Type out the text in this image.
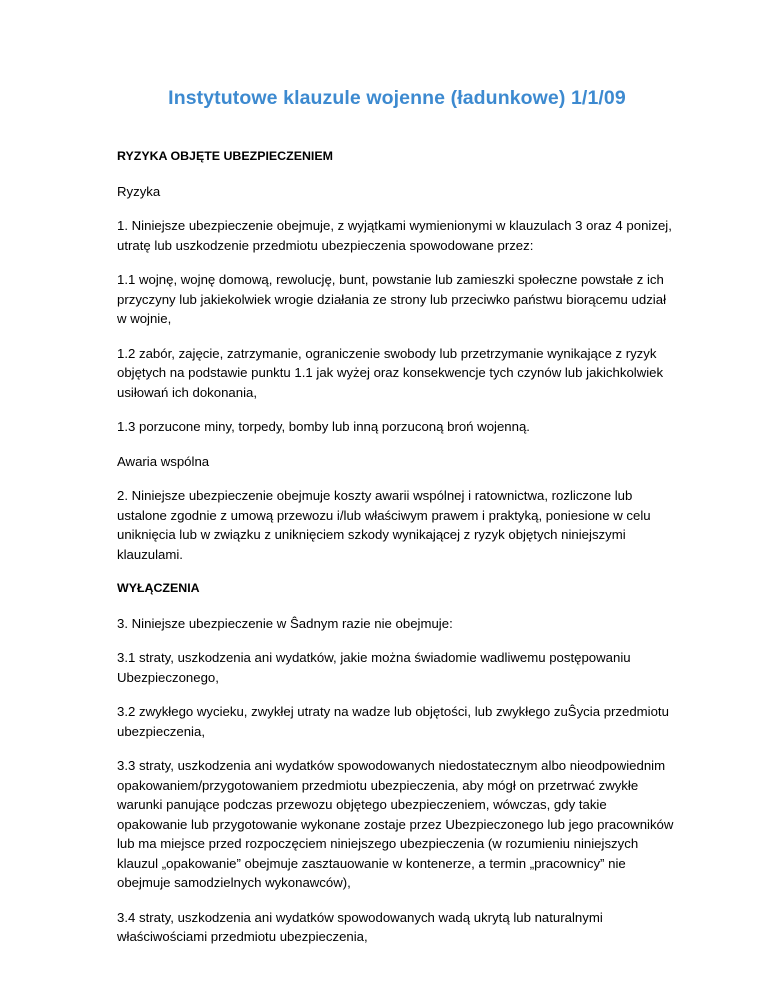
Instytutowe klauzule wojenne (ładunkowe) 1/1/09

RYZYKA OBJĘTE UBEZPIECZENIEM

Ryzyka

1. Niniejsze ubezpieczenie obejmuje, z wyjątkami wymienionymi w klauzulach 3 oraz 4 ponizej, utratę lub uszkodzenie przedmiotu ubezpieczenia spowodowane przez:

1.1 wojnę, wojnę domową, rewolucję, bunt, powstanie lub zamieszki społeczne powstałe z ich przyczyny lub jakiekolwiek wrogie działania ze strony lub przeciwko państwu biorącemu udział w wojnie,

1.2 zabór, zajęcie, zatrzymanie, ograniczenie swobody lub przetrzymanie wynikające z ryzyk objętych na podstawie punktu 1.1 jak wyżej oraz konsekwencje tych czynów lub jakichkolwiek usiłowań ich dokonania,

1.3 porzucone miny, torpedy, bomby lub inną porzuconą broń wojenną.

Awaria wspólna

2. Niniejsze ubezpieczenie obejmuje koszty awarii wspólnej i ratownictwa, rozliczone lub ustalone zgodnie z umową przewozu i/lub właściwym prawem i praktyką, poniesione w celu uniknięcia lub w związku z uniknięciem szkody wynikającej z ryzyk objętych niniejszymi klauzulami.

WYŁĄCZENIA

3. Niniejsze ubezpieczenie w Ŝadnym razie nie obejmuje:

3.1 straty, uszkodzenia ani wydatków, jakie można świadomie wadliwemu postępowaniu Ubezpieczonego,

3.2 zwykłego wycieku, zwykłej utraty na wadze lub objętości, lub zwykłego zuŜycia przedmiotu ubezpieczenia,

3.3 straty, uszkodzenia ani wydatków spowodowanych niedostatecznym albo nieodpowiednim opakowaniem/przygotowaniem przedmiotu ubezpieczenia, aby mógł on przetrwać zwykłe warunki panujące podczas przewozu objętego ubezpieczeniem, wówczas, gdy takie opakowanie lub przygotowanie wykonane zostaje przez Ubezpieczonego lub jego pracowników lub ma miejsce przed rozpoczęciem niniejszego ubezpieczenia (w rozumieniu niniejszych klauzul „opakowanie” obejmuje zasztauowanie w kontenerze, a termin „pracownicy” nie obejmuje samodzielnych wykonawców),

3.4 straty, uszkodzenia ani wydatków spowodowanych wadą ukrytą lub naturalnymi właściwościami przedmiotu ubezpieczenia,
